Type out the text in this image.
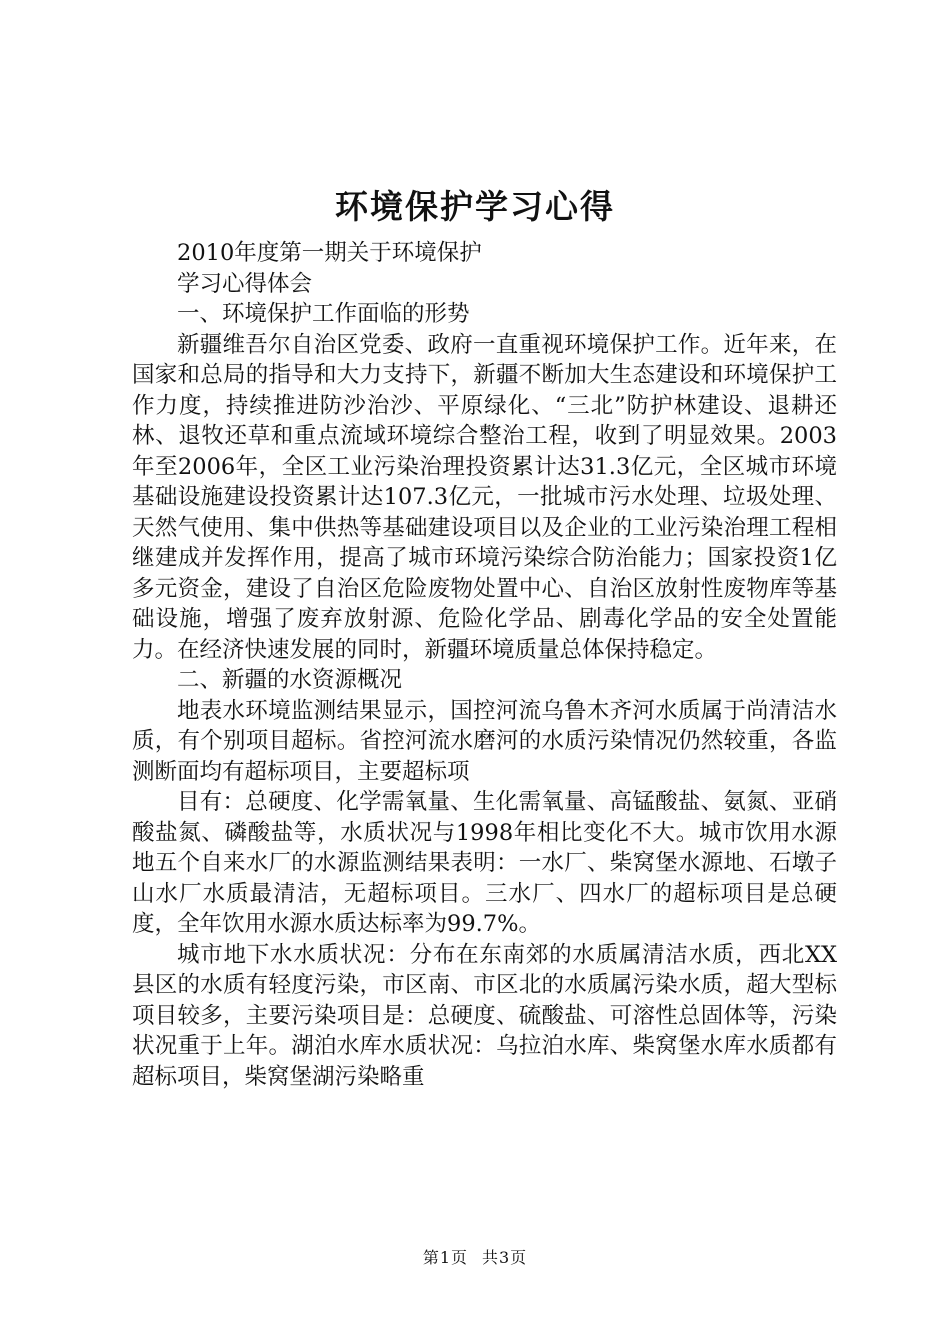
环境保护学习心得

2010年度第一期关于环境保护

学习心得体会

一、环境保护工作面临的形势

新疆维吾尔自治区党委、政府一直重视环境保护工作。近年来，在国家和总局的指导和大力支持下，新疆不断加大生态建设和环境保护工作力度，持续推进防沙治沙、平原绿化、“三北”防护林建设、退耕还林、退牧还草和重点流域环境综合整治工程，收到了明显效果。2003年至2006年，全区工业污染治理投资累计达31.3亿元，全区城市环境基础设施建设投资累计达107.3亿元，一批城市污水处理、垃圾处理、天然气使用、集中供热等基础建设项目以及企业的工业污染治理工程相继建成并发挥作用，提高了城市环境污染综合防治能力；国家投资1亿多元资金，建设了自治区危险废物处置中心、自治区放射性废物库等基础设施，增强了废弃放射源、危险化学品、剧毒化学品的安全处置能力。在经济快速发展的同时，新疆环境质量总体保持稳定。

二、新疆的水资源概况

地表水环境监测结果显示，国控河流乌鲁木齐河水质属于尚清洁水质，有个别项目超标。省控河流水磨河的水质污染情况仍然较重，各监测断面均有超标项目，主要超标项

目有：总硬度、化学需氧量、生化需氧量、高锰酸盐、氨氮、亚硝酸盐氮、磷酸盐等，水质状况与1998年相比变化不大。城市饮用水源地五个自来水厂的水源监测结果表明：一水厂、柴窝堡水源地、石墩子山水厂水质最清洁，无超标项目。三水厂、四水厂的超标项目是总硬度，全年饮用水源水质达标率为99.7%。

城市地下水水质状况：分布在东南郊的水质属清洁水质，西北XX县区的水质有轻度污染，市区南、市区北的水质属污染水质，超大型标项目较多，主要污染项目是：总硬度、硫酸盐、可溶性总固体等，污染状况重于上年。湖泊水库水质状况：乌拉泊水库、柴窝堡水库水质都有超标项目，柴窝堡湖污染略重

第1页 共3页
